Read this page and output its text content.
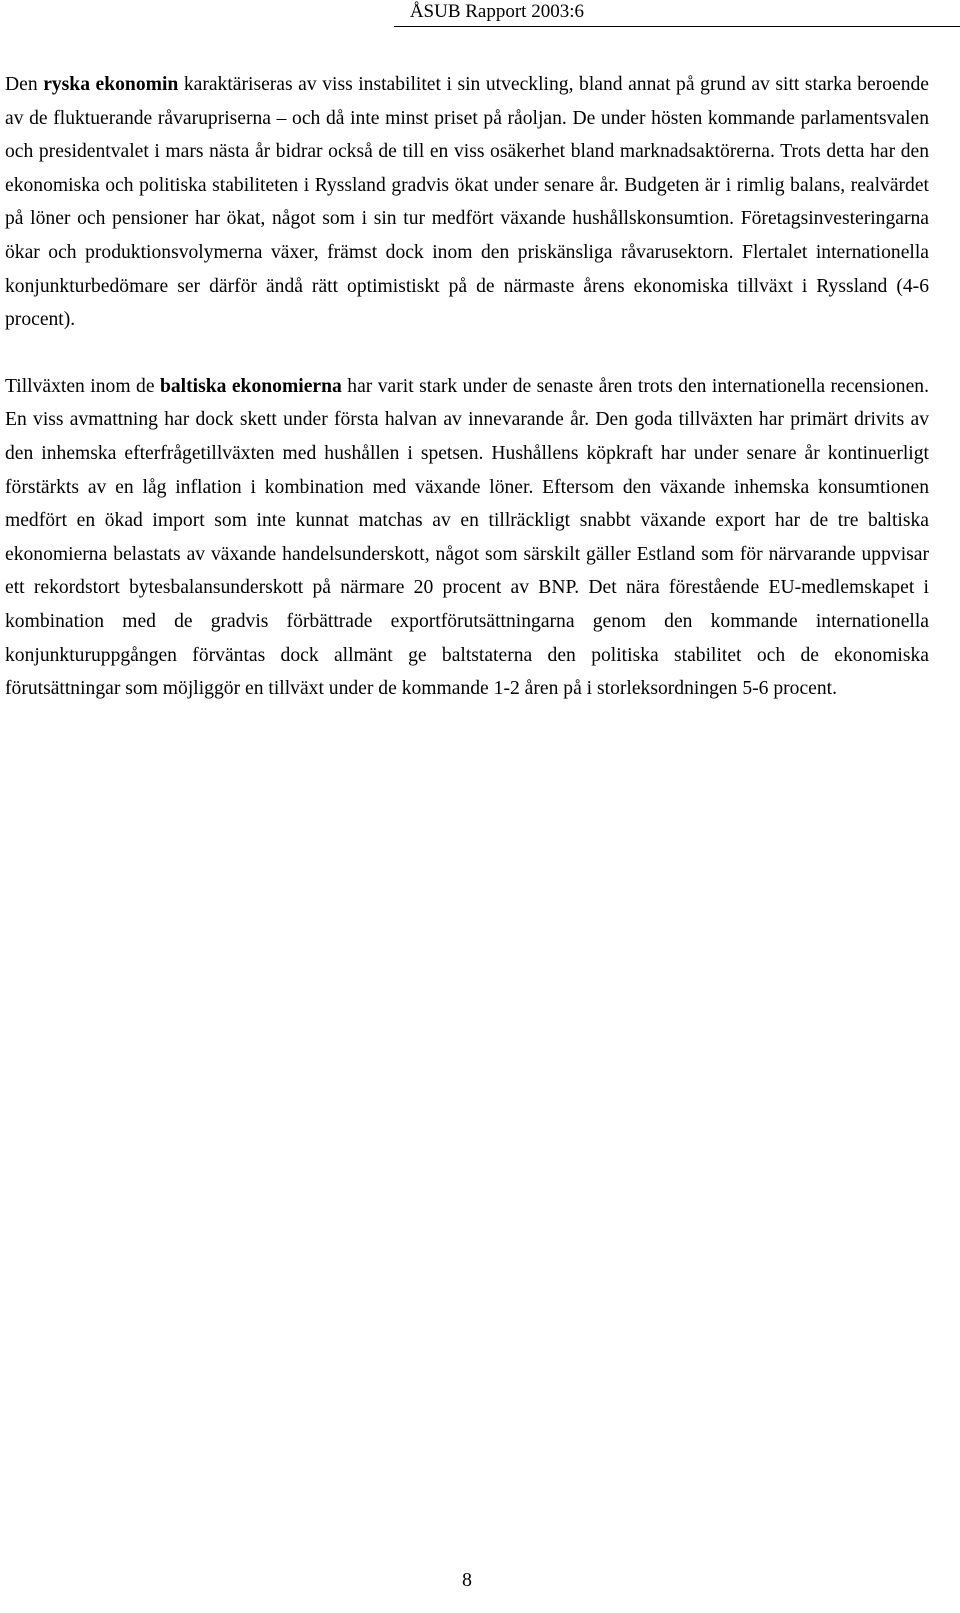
ÅSUB Rapport 2003:6

Den ryska ekonomin karaktäriseras av viss instabilitet i sin utveckling, bland annat på grund av sitt starka beroende av de fluktuerande råvarupriserna – och då inte minst priset på råoljan. De under hösten kommande parlamentsvalen och presidentvalet i mars nästa år bidrar också de till en viss osäkerhet bland marknadsaktörerna. Trots detta har den ekonomiska och politiska stabiliteten i Ryssland gradvis ökat under senare år. Budgeten är i rimlig balans, realvärdet på löner och pensioner har ökat, något som i sin tur medfört växande hushållskonsumtion. Företagsinvesteringarna ökar och produktionsvolymerna växer, främst dock inom den priskänsliga råvarusektorn. Flertalet internationella konjunkturbedömare ser därför ändå rätt optimistiskt på de närmaste årens ekonomiska tillväxt i Ryssland (4-6 procent).

Tillväxten inom de baltiska ekonomierna har varit stark under de senaste åren trots den internationella recensionen. En viss avmattning har dock skett under första halvan av innevarande år. Den goda tillväxten har primärt drivits av den inhemska efterfrågetillväxten med hushållen i spetsen. Hushållens köpkraft har under senare år kontinuerligt förstärkts av en låg inflation i kombination med växande löner. Eftersom den växande inhemska konsumtionen medfört en ökad import som inte kunnat matchas av en tillräckligt snabbt växande export har de tre baltiska ekonomierna belastats av växande handelsunderskott, något som särskilt gäller Estland som för närvarande uppvisar ett rekordstort bytesbalansunderskott på närmare 20 procent av BNP. Det nära förestående EU-medlemskapet i kombination med de gradvis förbättrade exportförutsättningarna genom den kommande internationella konjunkturuppgången förväntas dock allmänt ge baltstaterna den politiska stabilitet och de ekonomiska förutsättningar som möjliggör en tillväxt under de kommande 1-2 åren på i storleksordningen 5-6 procent.

8
